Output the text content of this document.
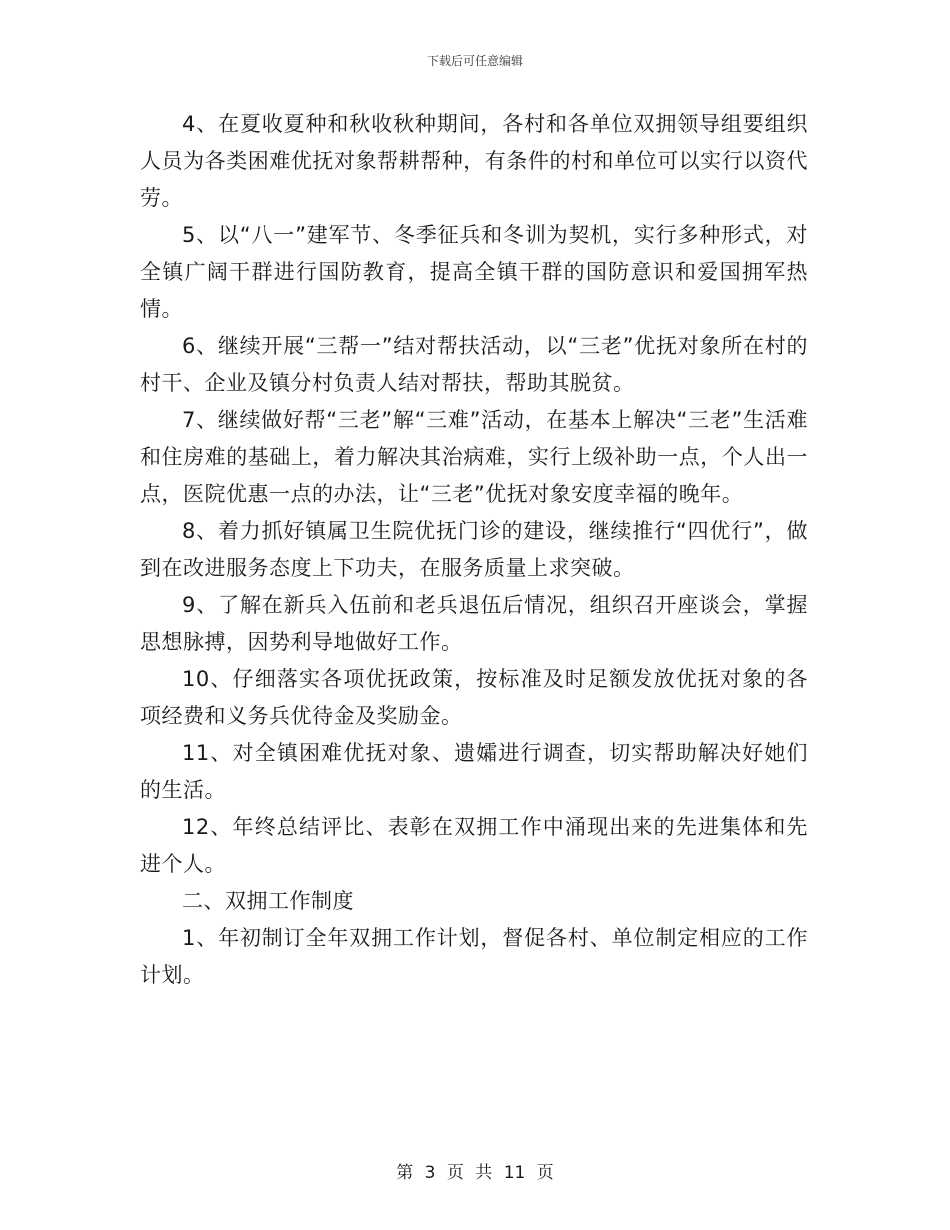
下载后可任意编辑

4、在夏收夏种和秋收秋种期间，各村和各单位双拥领导组要组织人员为各类困难优抚对象帮耕帮种，有条件的村和单位可以实行以资代劳。

5、以“八一”建军节、冬季征兵和冬训为契机，实行多种形式，对全镇广阔干群进行国防教育，提高全镇干群的国防意识和爱国拥军热情。

6、继续开展“三帮一”结对帮扶活动，以“三老”优抚对象所在村的村干、企业及镇分村负责人结对帮扶，帮助其脱贫。

7、继续做好帮“三老”解“三难”活动，在基本上解决“三老”生活难和住房难的基础上，着力解决其治病难，实行上级补助一点，个人出一点，医院优惠一点的办法，让“三老”优抚对象安度幸福的晚年。

8、着力抓好镇属卫生院优抚门诊的建设，继续推行“四优行”，做到在改进服务态度上下功夫，在服务质量上求突破。

9、了解在新兵入伍前和老兵退伍后情况，组织召开座谈会，掌握思想脉搏，因势利导地做好工作。

10、仔细落实各项优抚政策，按标准及时足额发放优抚对象的各项经费和义务兵优待金及奖励金。

11、对全镇困难优抚对象、遗孀进行调查，切实帮助解决好她们的生活。

12、年终总结评比、表彰在双拥工作中涌现出来的先进集体和先进个人。

二、双拥工作制度

1、年初制订全年双拥工作计划，督促各村、单位制定相应的工作计划。

第 3 页 共 11 页
